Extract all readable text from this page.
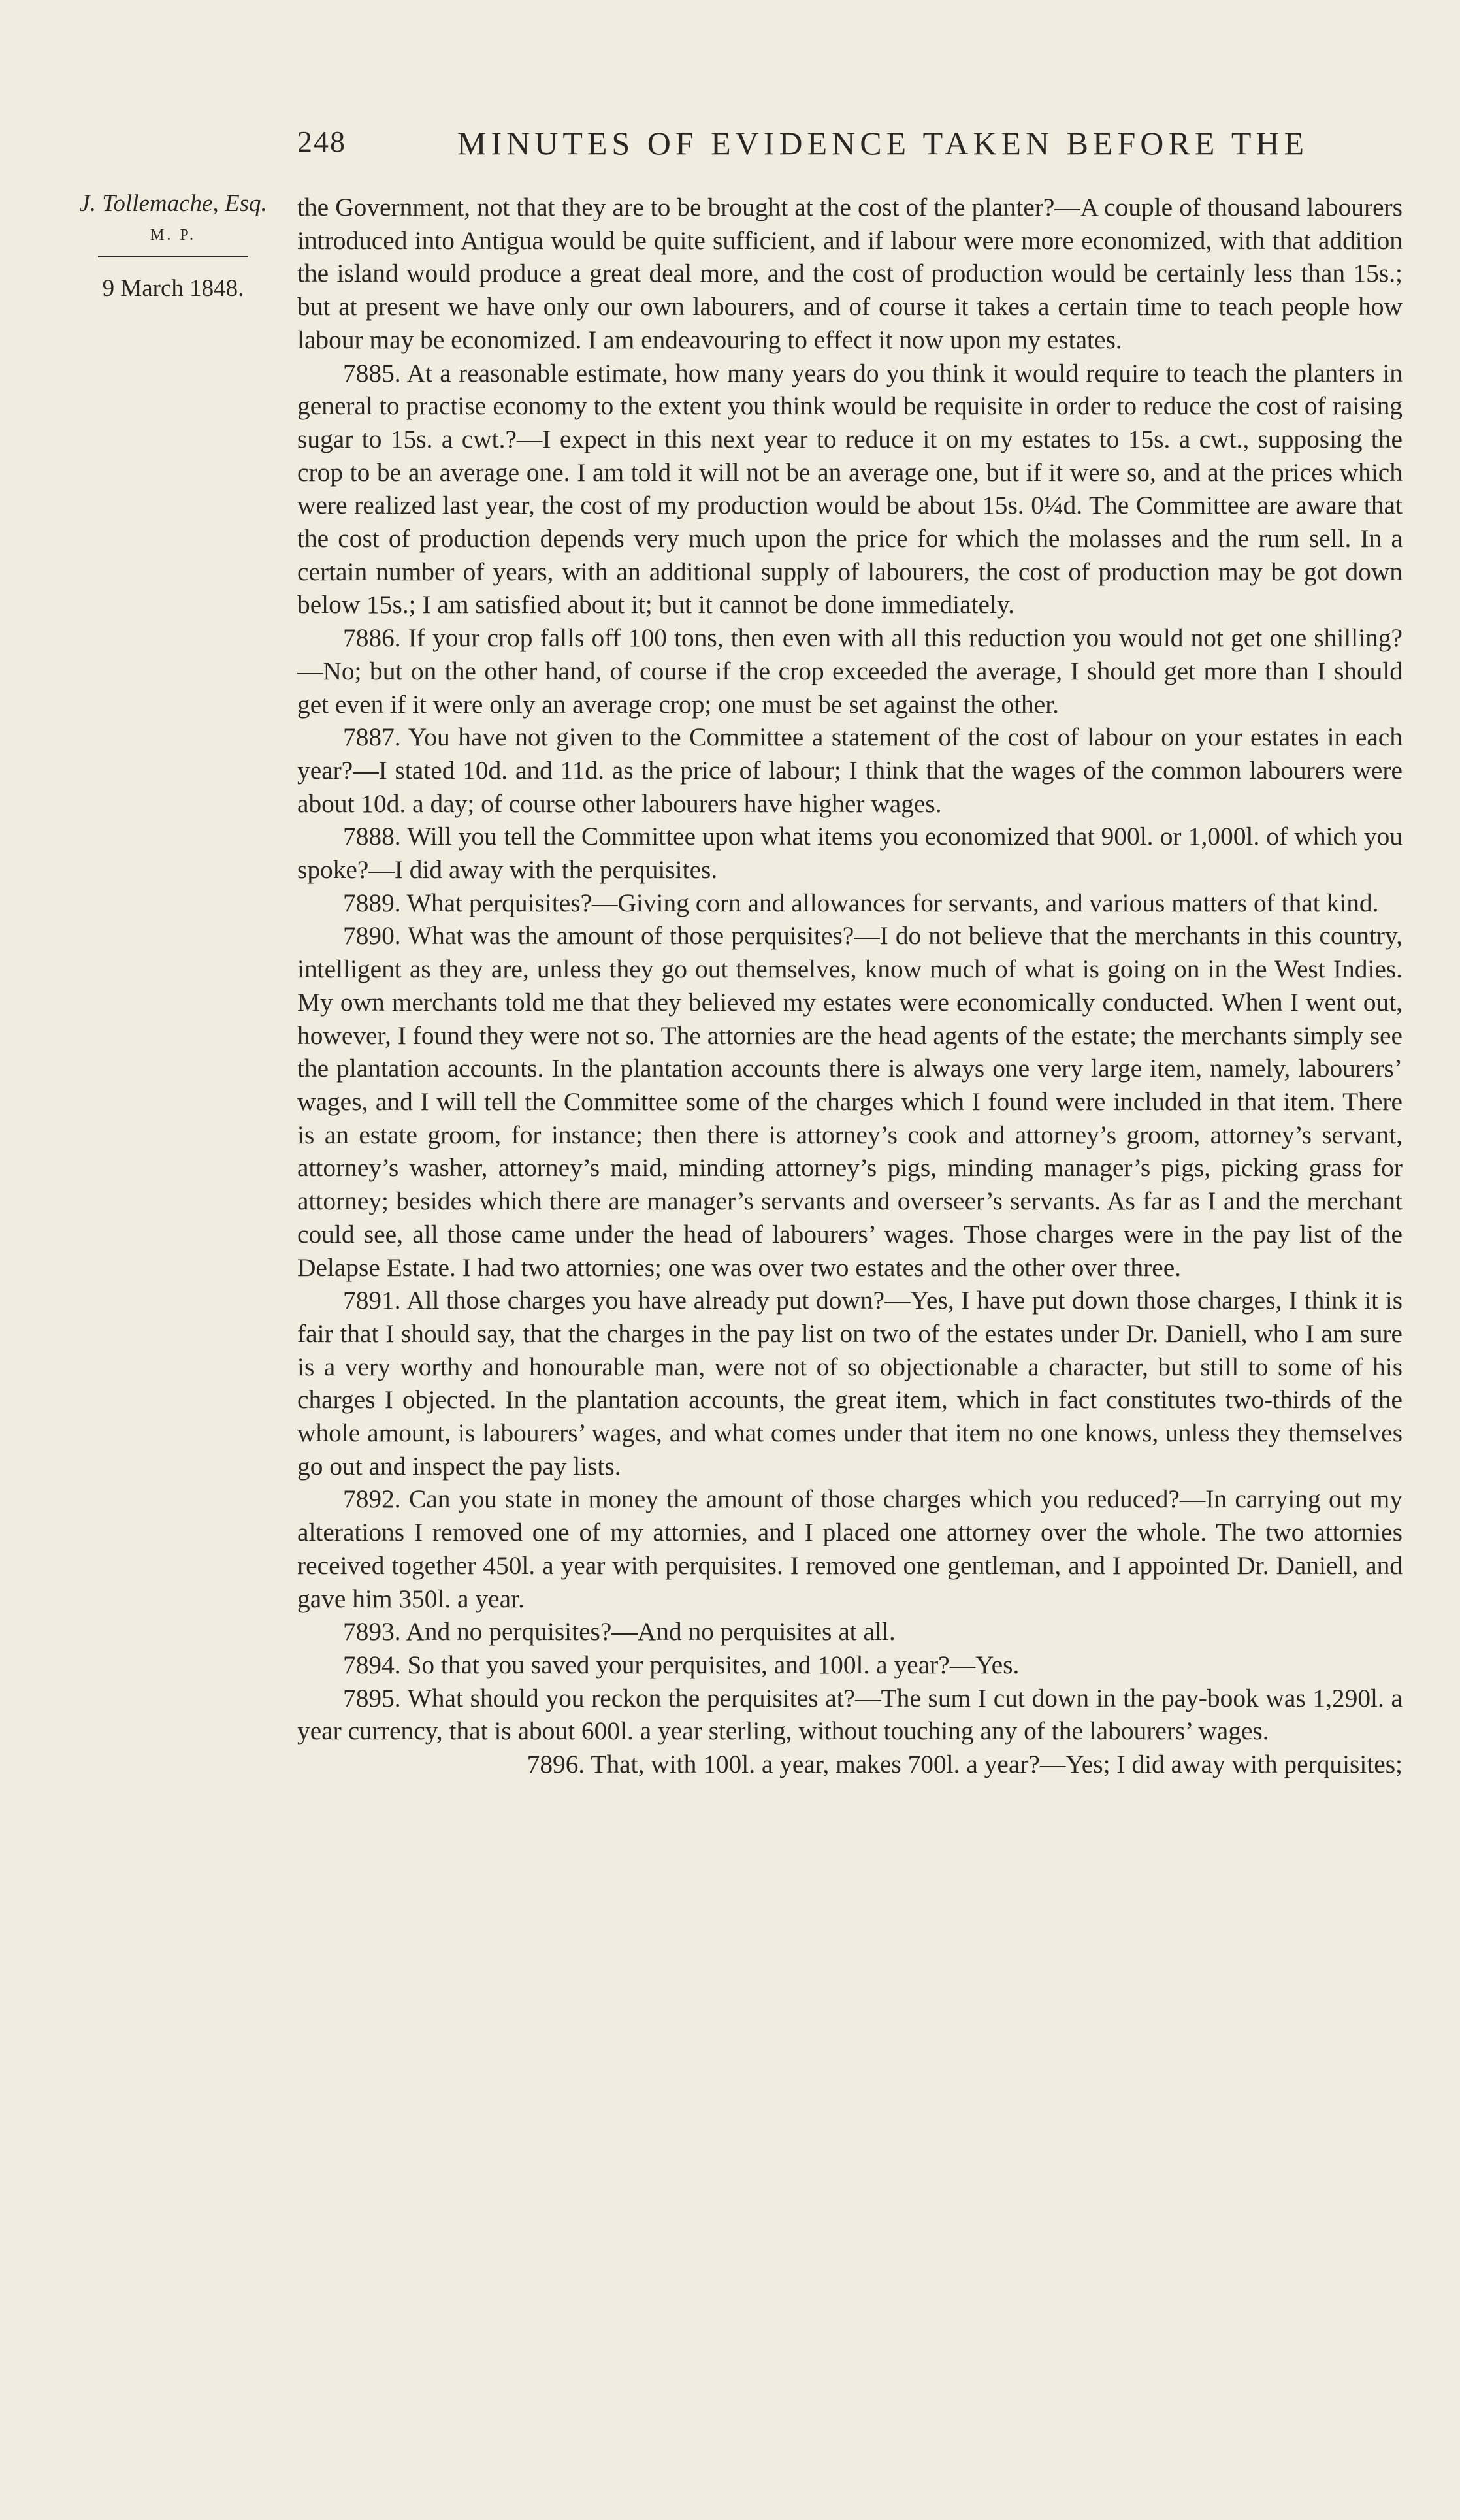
248	MINUTES OF EVIDENCE TAKEN BEFORE THE
J. Tollemache, Esq.
M. P.
9 March 1848.

the Government, not that they are to be brought at the cost of the planter?—A couple of thousand labourers introduced into Antigua would be quite sufficient, and if labour were more economized, with that addition the island would produce a great deal more, and the cost of production would be certainly less than 15s.; but at present we have only our own labourers, and of course it takes a certain time to teach people how labour may be economized. I am endeavouring to effect it now upon my estates.

7885. At a reasonable estimate, how many years do you think it would require to teach the planters in general to practise economy to the extent you think would be requisite in order to reduce the cost of raising sugar to 15s. a cwt.?—I expect in this next year to reduce it on my estates to 15s. a cwt., supposing the crop to be an average one. I am told it will not be an average one, but if it were so, and at the prices which were realized last year, the cost of my production would be about 15s. 0¼d. The Committee are aware that the cost of production depends very much upon the price for which the molasses and the rum sell. In a certain number of years, with an additional supply of labourers, the cost of production may be got down below 15s.; I am satisfied about it; but it cannot be done immediately.

7886. If your crop falls off 100 tons, then even with all this reduction you would not get one shilling?—No; but on the other hand, of course if the crop exceeded the average, I should get more than I should get even if it were only an average crop; one must be set against the other.

7887. You have not given to the Committee a statement of the cost of labour on your estates in each year?—I stated 10d. and 11d. as the price of labour; I think that the wages of the common labourers were about 10d. a day; of course other labourers have higher wages.

7888. Will you tell the Committee upon what items you economized that 900l. or 1,000l. of which you spoke?—I did away with the perquisites.

7889. What perquisites?—Giving corn and allowances for servants, and various matters of that kind.

7890. What was the amount of those perquisites?—I do not believe that the merchants in this country, intelligent as they are, unless they go out themselves, know much of what is going on in the West Indies. My own merchants told me that they believed my estates were economically conducted. When I went out, however, I found they were not so. The attornies are the head agents of the estate; the merchants simply see the plantation accounts. In the plantation accounts there is always one very large item, namely, labourers’ wages, and I will tell the Committee some of the charges which I found were included in that item. There is an estate groom, for instance; then there is attorney’s cook and attorney’s groom, attorney’s servant, attorney’s washer, attorney’s maid, minding attorney’s pigs, minding manager’s pigs, picking grass for attorney; besides which there are manager’s servants and overseer’s servants. As far as I and the merchant could see, all those came under the head of labourers’ wages. Those charges were in the pay list of the Delapse Estate. I had two attornies; one was over two estates and the other over three.

7891. All those charges you have already put down?—Yes, I have put down those charges, I think it is fair that I should say, that the charges in the pay list on two of the estates under Dr. Daniell, who I am sure is a very worthy and honourable man, were not of so objectionable a character, but still to some of his charges I objected. In the plantation accounts, the great item, which in fact constitutes two-thirds of the whole amount, is labourers’ wages, and what comes under that item no one knows, unless they themselves go out and inspect the pay lists.

7892. Can you state in money the amount of those charges which you reduced?—In carrying out my alterations I removed one of my attornies, and I placed one attorney over the whole. The two attornies received together 450l. a year with perquisites. I removed one gentleman, and I appointed Dr. Daniell, and gave him 350l. a year.

7893. And no perquisites?—And no perquisites at all.

7894. So that you saved your perquisites, and 100l. a year?—Yes.

7895. What should you reckon the perquisites at?—The sum I cut down in the pay-book was 1,290l. a year currency, that is about 600l. a year sterling, without touching any of the labourers’ wages.

7896. That, with 100l. a year, makes 700l. a year?—Yes; I did away with perquisites;
